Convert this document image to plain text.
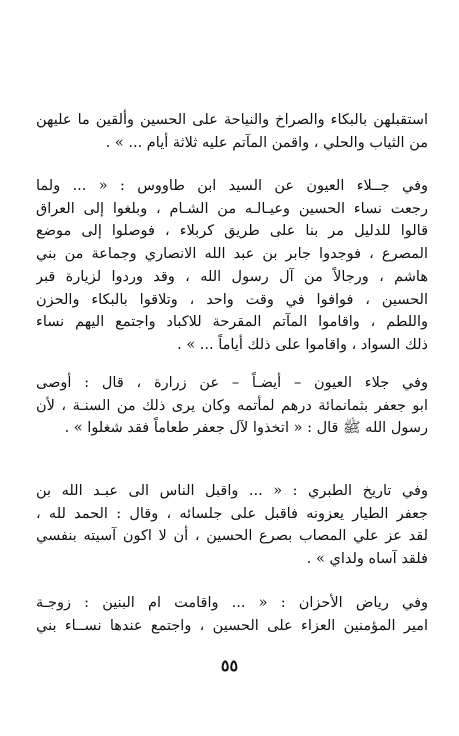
استقبلهن بالبكاء والصراخ والنياحة على الحسين وألقين ما عليهن
من الثياب والحلي ، واقمن المآتم عليه ثلاثة أيام ... » .
وفي جــلاء العيون عن السيد ابن طاووس : « ... ولما
رجعت نساء الحسين وعيـالـه من الشـام ، وبلغوا إلى العراق
قالوا للدليل مر بنا على طريق كربلاء ، فوصلوا إلى موضع
المصرع ، فوجدوا جابر بن عبد الله الانصاري وجماعة من بني
هاشم ، ورجالاً من آل رسول الله ، وقد وردوا لزيارة قبر
الحسين ، فوافوا في وقت واحد ، وتلاقوا بالبكاء والحزن
واللطم ، واقاموا المآتم المقرحة للاكباد واجتمع اليهم نساء
ذلك السواد ، واقاموا على ذلك أياماً ... » .
وفي جلاء العيون – أيضـاً – عن زرارة ، قال : أوصى
ابو جعفر بثمانمائة درهم لمأتمه وكان يرى ذلك من السنـة ، لأن
رسول الله ﷺ قال : « اتخذوا لآل جعفر طعاماً فقد شغلوا » .
وفي تاريخ الطبري : « ... واقبل الناس الى عبـد الله بن
جعفر الطيار يعزونه فاقبل على جلسائه ، وقال : الحمد لله ،
لقد عز علي المصاب بصرع الحسين ، أن لا اكون آسيته بنفسي
فلقد آساه ولداي » .
وفي رياض الأحزان : « ... واقامت ام البنين : زوجـة
امير المؤمنين العزاء على الحسين ، واجتمع عندها نســاء بني
٥٥
